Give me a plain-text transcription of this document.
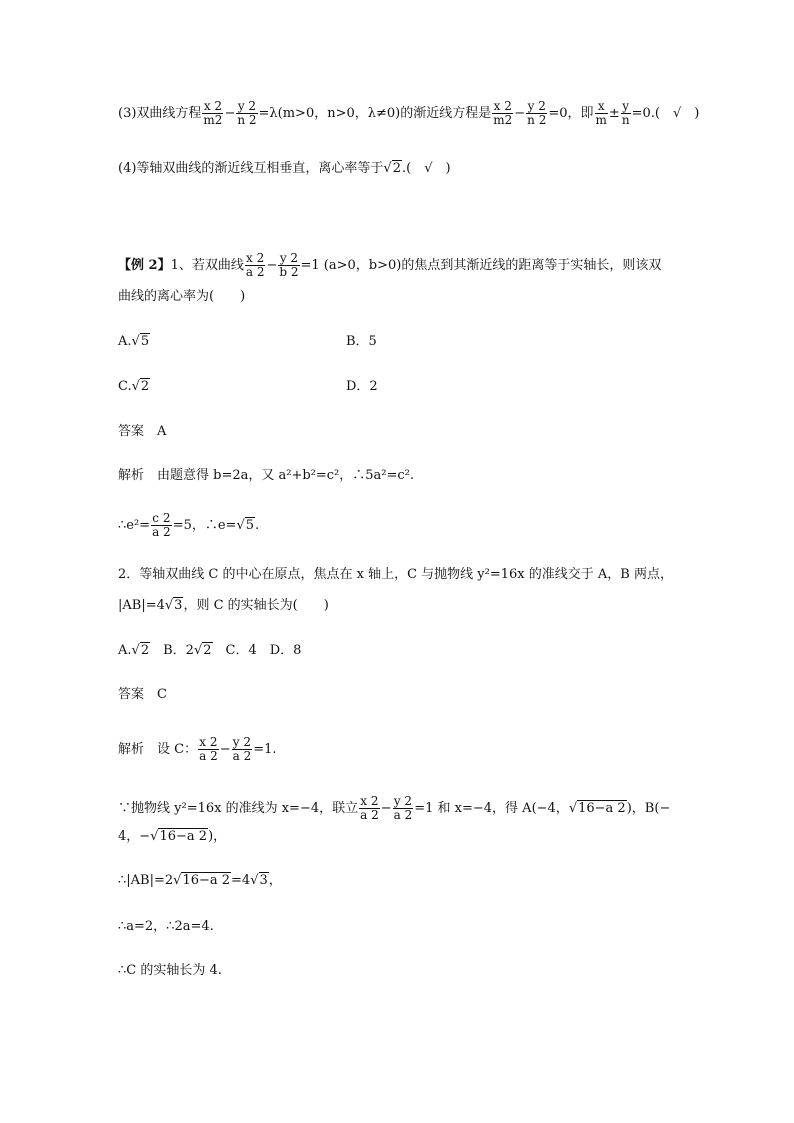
(3)双曲线方程 $\frac{x 2}{m2} - \frac{y 2}{n 2} =\lambda(m>0$，n>0，λ≠0)的渐近线方程是 $\frac{x 2}{m2} - \frac{y 2}{n 2} =0$，即 $\frac{x}{m} \pm \frac{y}{n} =0$.(  √  )
(4)等轴双曲线的渐近线互相垂直，离心率等于√2.(  √  )
【例 2】1、若双曲线 $\frac{x 2}{a 2} - \frac{y 2}{b 2} =1$ (a>0，b>0)的焦点到其渐近线的距离等于实轴长，则该双
曲线的离心率为(　　)
A.√5	B．5
C.√2	D．2
答案　A
解析　由题意得 b=2a，又 a²+b²=c²，∴5a²=c².
∴e²= $\frac{c 2}{a 2} =5$，∴e=√5.
2．等轴双曲线 C 的中心在原点，焦点在 x 轴上，C 与抛物线 y²=16x 的准线交于 A，B 两点，
|AB|=4√3，则 C 的实轴长为(　　)
A.√2  B．2√2  C．4　D．8
答案　C
解析　设 C： $\frac{x 2}{a 2} - \frac{y 2}{a 2} =1$.
∵抛物线 y²=16x 的准线为 x=−4，联立 $\frac{x 2}{a 2} - \frac{y 2}{a 2} =1$ 和 x=−4，得 A(−4，√16−a 2)，B(−
4，−√16−a 2)，
∴|AB|=2√16−a 2=4√3，
∴a=2，∴2a=4.
∴C 的实轴长为 4.
